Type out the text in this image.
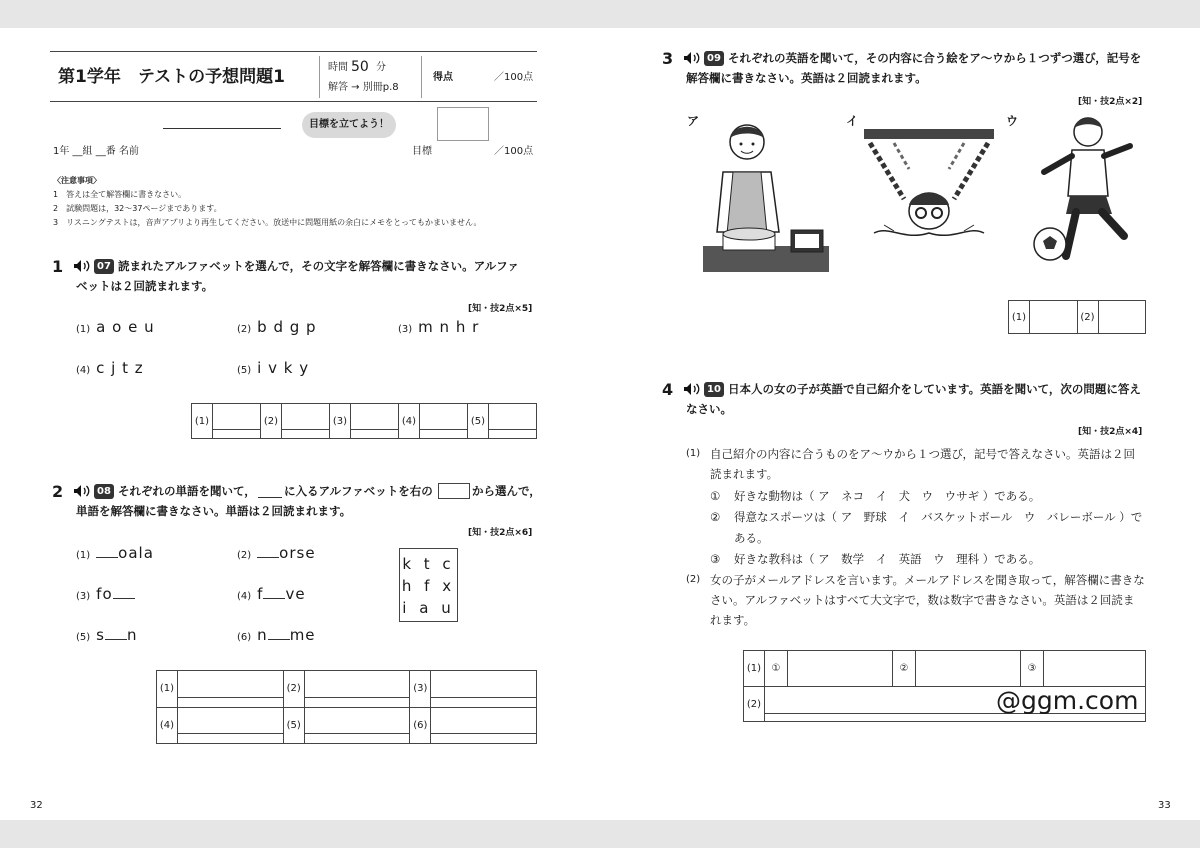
第1学年　テストの予想問題1	時間 50 分
解答 → 別冊p.8
得点	／100点
1年 __組 __番 名前
目標を立てよう！
目標	／100点
〈注意事項〉
1　答えは全て解答欄に書きなさい。
2　試験問題は，32～37ページまであります。
3　リスニングテストは，音声アプリより再生してください。放送中に問題用紙の余白にメモをとってもかまいません。
1	07 読まれたアルファベットを選んで，その文字を解答欄に書きなさい。アルファ
ベットは２回読まれます。
[知・技2点×5]
(1) a o e u	(2) b d g p	(3) m n h r
(4) c j t z	(5) i v k y
(1)		(2)		(3)		(4)		(5)	
2	08 それぞれの単語を聞いて， に入るアルファベットを右の	から選んで，
単語を解答欄に書きなさい。単語は２回読まれます。
[知・技2点×6]
(1) oala	(2) orse
(3) fo	(4) f ve
(5) s n	(6) n me
k t c
h f x
i a u
(1)		(2)		(3)	

(4)		(5)		(6)	
32
3	09 それぞれの英語を聞いて，その内容に合う絵をア～ウから１つずつ選び，記号を
解答欄に書きなさい。英語は２回読まれます。
[知・技2点×2]
ア	イ	ウ
(1)		(2)	
4	10 日本人の女の子が英語で自己紹介をしています。英語を聞いて，次の問題に答え
なさい。
[知・技2点×4]
(1) 自己紹介の内容に合うものをア～ウから１つ選び，記号で答えなさい。英語は２回
読まれます。
① 好きな動物は（ ア　ネコ　イ　犬　ウ　ウサギ ）である。
② 得意なスポーツは（ ア　野球　イ　バスケットボール　ウ　バレーボール ）で
ある。
③ 好きな教科は（ ア　数学　イ　英語　ウ　理科 ）である。
(2) 女の子がメールアドレスを言います。メールアドレスを聞き取って，解答欄に書きな
さい。アルファベットはすべて大文字で，数は数字で書きなさい。英語は２回読ま
れます。
(1)	①		②		③	
(2)							@ggm.com
33
